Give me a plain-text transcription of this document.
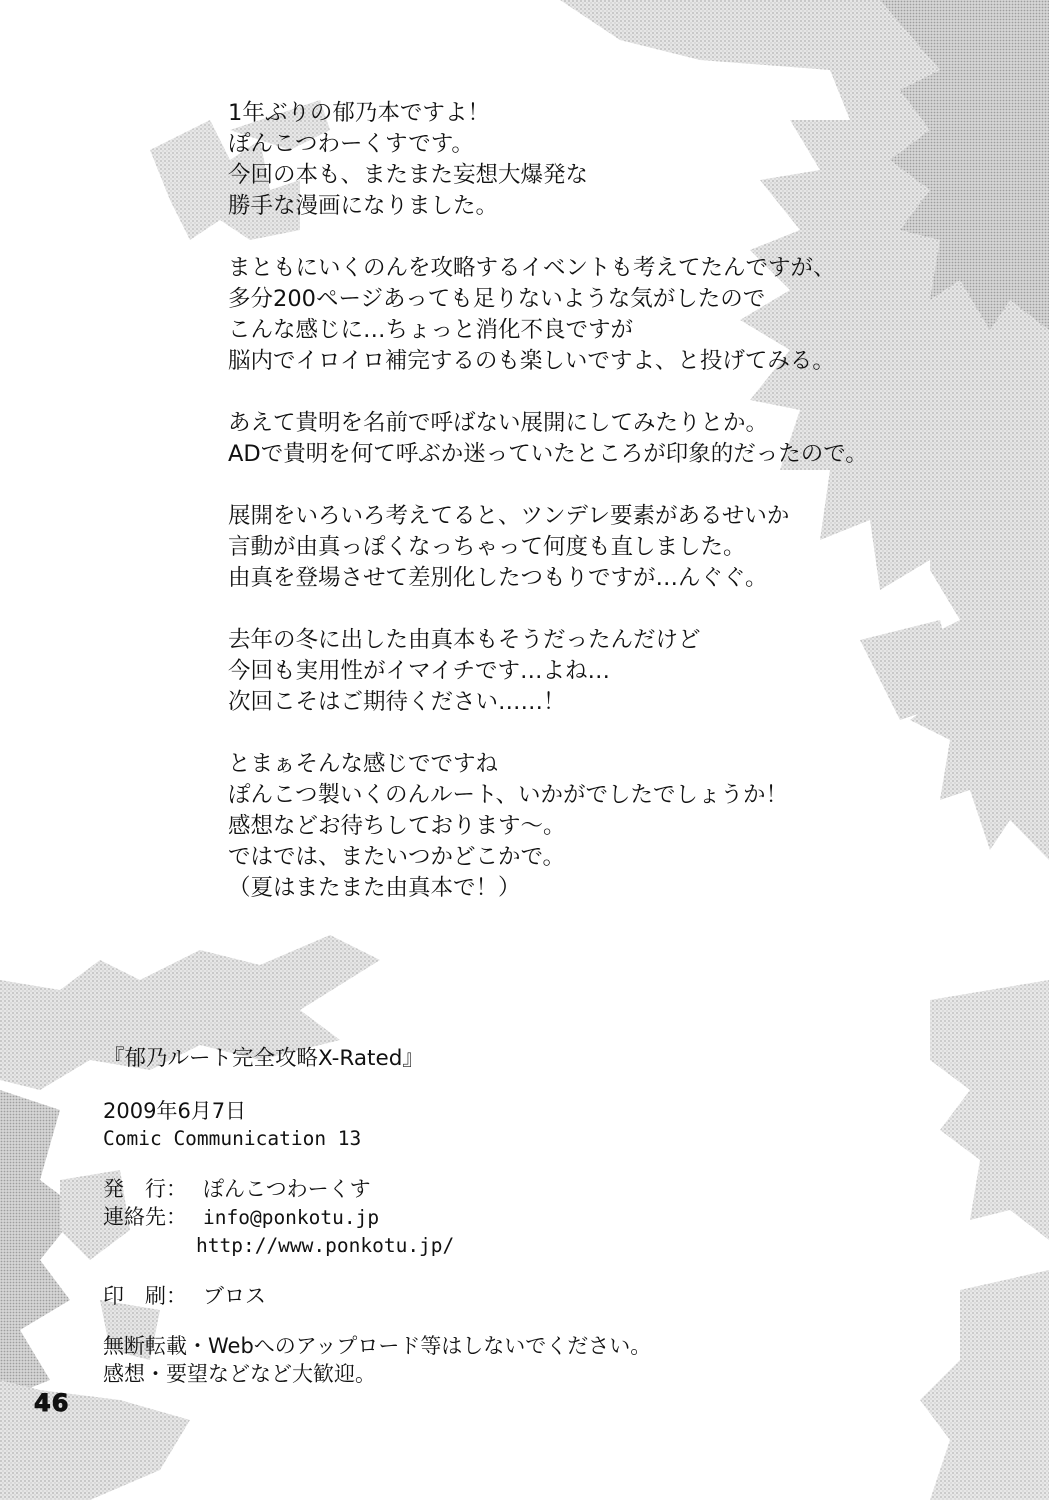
1年ぶりの郁乃本ですよ！
ぽんこつわーくすです。
今回の本も、またまた妄想大爆発な
勝手な漫画になりました。
まともにいくのんを攻略するイベントも考えてたんですが、
多分200ページあっても足りないような気がしたので
こんな感じに…ちょっと消化不良ですが
脳内でイロイロ補完するのも楽しいですよ、と投げてみる。
あえて貴明を名前で呼ばない展開にしてみたりとか。
ADで貴明を何て呼ぶか迷っていたところが印象的だったので。
展開をいろいろ考えてると、ツンデレ要素があるせいか
言動が由真っぽくなっちゃって何度も直しました。
由真を登場させて差別化したつもりですが…んぐぐ。
去年の冬に出した由真本もそうだったんだけど
今回も実用性がイマイチです…よね…
次回こそはご期待ください……！
とまぁそんな感じでですね
ぽんこつ製いくのんルート、いかがでしたでしょうか！
感想などお待ちしております～。
ではでは、またいつかどこかで。
（夏はまたまた由真本で！）
『郁乃ルート完全攻略X-Rated』
2009年6月7日
Comic Communication 13
発　行： ぽんこつわーくす
連絡先： info@ponkotu.jp
http://www.ponkotu.jp/
印　刷： ブロス
無断転載・Webへのアップロード等はしないでください。
感想・要望などなど大歓迎。
46
